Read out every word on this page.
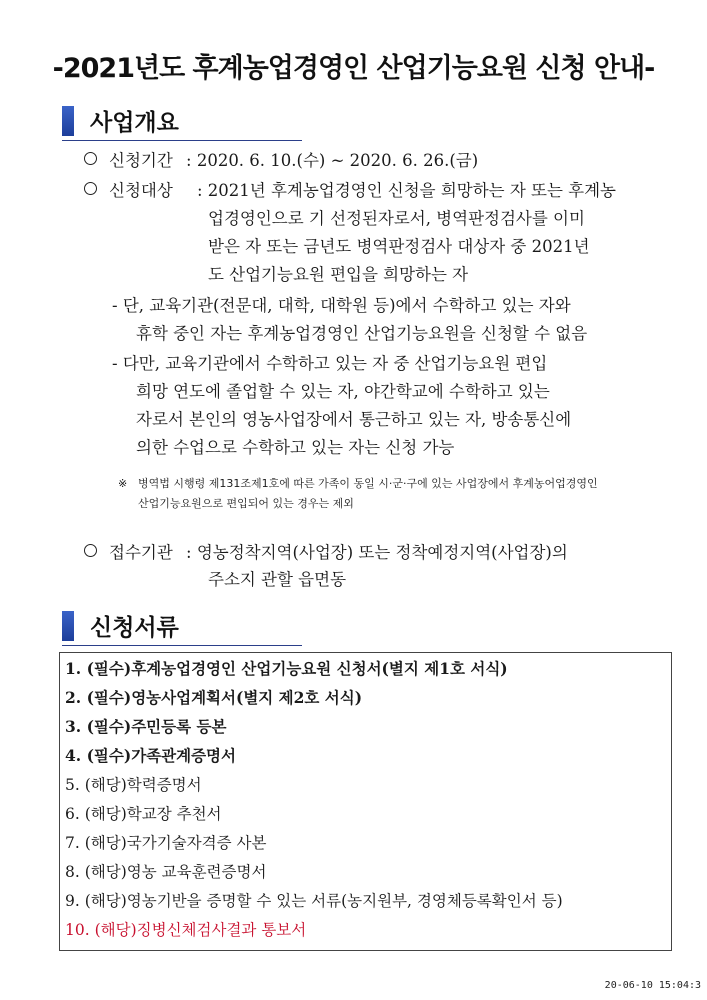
-2021년도 후계농업경영인 산업기능요원 신청 안내-
사업개요
신청기간 : 2020. 6. 10.(수) ~ 2020. 6. 26.(금)
신청대상 : 2021년 후계농업경영인 신청을 희망하는 자 또는 후계농
업경영인으로 기 선정된자로서, 병역판정검사를 이미
받은 자 또는 금년도 병역판정검사 대상자 중 2021년
도 산업기능요원 편입을 희망하는 자
- 단, 교육기관(전문대, 대학, 대학원 등)에서 수학하고 있는 자와
휴학 중인 자는 후계농업경영인 산업기능요원을 신청할 수 없음
- 다만, 교육기관에서 수학하고 있는 자 중 산업기능요원 편입
희망 연도에 졸업할 수 있는 자, 야간학교에 수학하고 있는
자로서 본인의 영농사업장에서 통근하고 있는 자, 방송통신에
의한 수업으로 수학하고 있는 자는 신청 가능
※ 병역법 시행령 제131조제1호에 따른 가족이 동일 시·군·구에 있는 사업장에서 후계농어업경영인
산업기능요원으로 편입되어 있는 경우는 제외
접수기관 : 영농정착지역(사업장) 또는 정착예정지역(사업장)의
주소지 관할 읍면동
신청서류
1. (필수)후계농업경영인 산업기능요원 신청서(별지 제1호 서식)
2. (필수)영농사업계획서(별지 제2호 서식)
3. (필수)주민등록 등본
4. (필수)가족관계증명서
5. (해당)학력증명서
6. (해당)학교장 추천서
7. (해당)국가기술자격증 사본
8. (해당)영농 교육훈련증명서
9. (해당)영농기반을 증명할 수 있는 서류(농지원부, 경영체등록확인서 등)
10. (해당)징병신체검사결과 통보서
20-06-10 15:04:3
